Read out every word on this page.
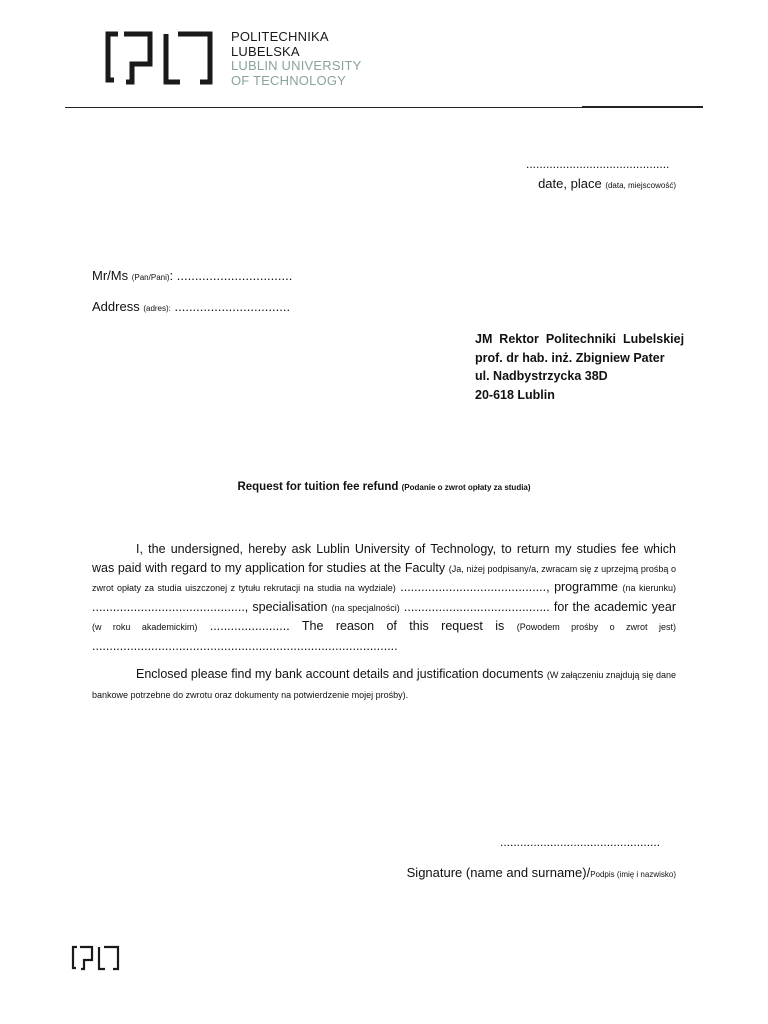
POLITECHNIKA
LUBELSKA
LUBLIN UNIVERSITY
OF TECHNOLOGY
...........................................
date, place (data, miejscowość)
Mr/Ms (Pan/Pani): ................................
Address (adres): ................................
JM  Rektor  Politechniki  Lubelskiej
prof. dr hab. inż. Zbigniew Pater
ul. Nadbystrzycka 38D
20-618 Lublin
Request for tuition fee refund (Podanie o zwrot opłaty za studia)
I, the undersigned, hereby ask Lublin University of Technology, to return my studies fee which was paid with regard to my application for studies at the Faculty (Ja, niżej podpisany/a, zwracam się z uprzejmą prośbą o zwrot opłaty za studia uiszczonej z tytułu rekrutacji na studia na wydziale) .........................................., programme (na kierunku) ............................................, specialisation (na specjalności) .......................................... for the academic year (w roku akademickim) ....................... The reason of this request is (Powodem prośby o zwrot jest) ........................................................................................
Enclosed please find my bank account details and justification documents (W załączeniu znajdują się dane bankowe potrzebne do zwrotu oraz dokumenty na potwierdzenie mojej prośby).
................................................
Signature (name and surname)/Podpis (imię i nazwisko)
